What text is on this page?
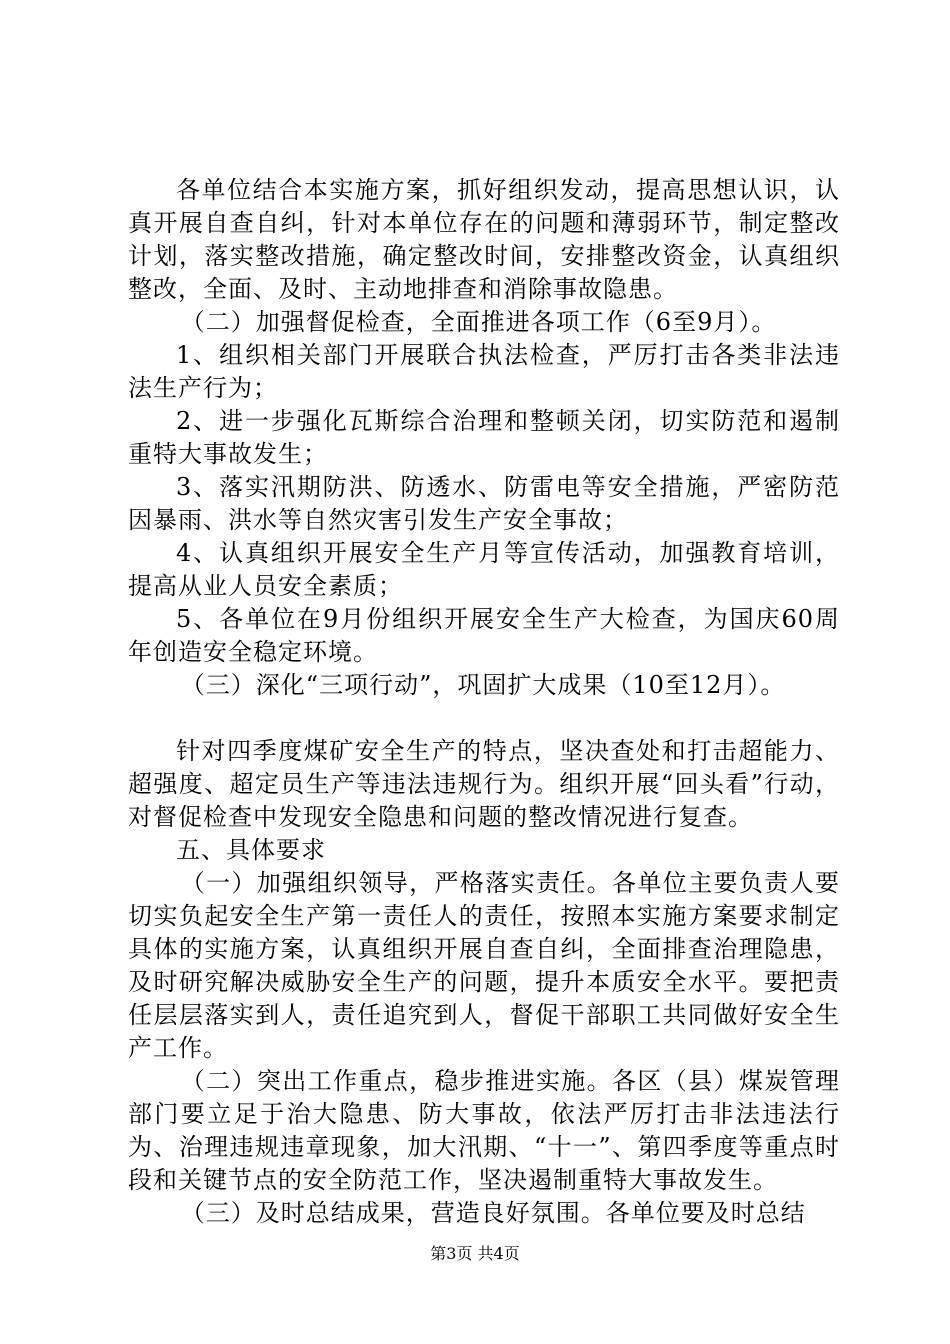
各单位结合本实施方案，抓好组织发动，提高思想认识，认真开展自查自纠，针对本单位存在的问题和薄弱环节，制定整改计划，落实整改措施，确定整改时间，安排整改资金，认真组织整改，全面、及时、主动地排查和消除事故隐患。

（二）加强督促检查，全面推进各项工作（6至9月）。

1、组织相关部门开展联合执法检查，严厉打击各类非法违法生产行为；

2、进一步强化瓦斯综合治理和整顿关闭，切实防范和遏制重特大事故发生；

3、落实汛期防洪、防透水、防雷电等安全措施，严密防范因暴雨、洪水等自然灾害引发生产安全事故；

4、认真组织开展安全生产月等宣传活动，加强教育培训，提高从业人员安全素质；

5、各单位在9月份组织开展安全生产大检查，为国庆60周年创造安全稳定环境。

（三）深化“三项行动”，巩固扩大成果（10至12月）。

针对四季度煤矿安全生产的特点，坚决查处和打击超能力、超强度、超定员生产等违法违规行为。组织开展“回头看”行动，对督促检查中发现安全隐患和问题的整改情况进行复查。

五、具体要求

（一）加强组织领导，严格落实责任。各单位主要负责人要切实负起安全生产第一责任人的责任，按照本实施方案要求制定具体的实施方案，认真组织开展自查自纠，全面排查治理隐患，及时研究解决威胁安全生产的问题，提升本质安全水平。要把责任层层落实到人，责任追究到人，督促干部职工共同做好安全生产工作。

（二）突出工作重点，稳步推进实施。各区（县）煤炭管理部门要立足于治大隐患、防大事故，依法严厉打击非法违法行为、治理违规违章现象，加大汛期、“十一”、第四季度等重点时段和关键节点的安全防范工作，坚决遏制重特大事故发生。

（三）及时总结成果，营造良好氛围。各单位要及时总结

第3页 共4页
